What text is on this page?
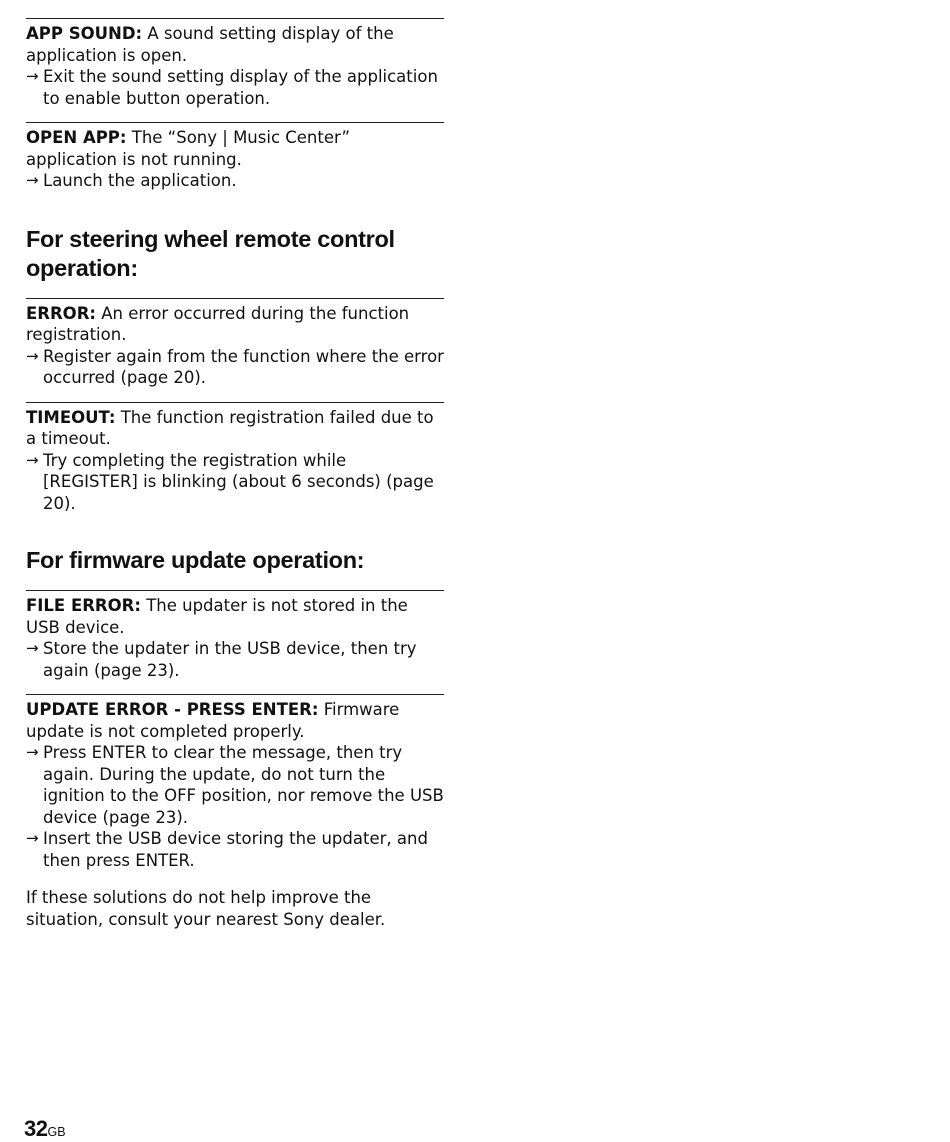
APP SOUND: A sound setting display of the application is open.
→ Exit the sound setting display of the application to enable button operation.
OPEN APP: The “Sony | Music Center” application is not running.
→ Launch the application.
For steering wheel remote control operation:
ERROR: An error occurred during the function registration.
→ Register again from the function where the error occurred (page 20).
TIMEOUT: The function registration failed due to a timeout.
→ Try completing the registration while [REGISTER] is blinking (about 6 seconds) (page 20).
For firmware update operation:
FILE ERROR: The updater is not stored in the USB device.
→ Store the updater in the USB device, then try again (page 23).
UPDATE ERROR - PRESS ENTER: Firmware update is not completed properly.
→ Press ENTER to clear the message, then try again. During the update, do not turn the ignition to the OFF position, nor remove the USB device (page 23).
→ Insert the USB device storing the updater, and then press ENTER.

If these solutions do not help improve the situation, consult your nearest Sony dealer.

32GB
